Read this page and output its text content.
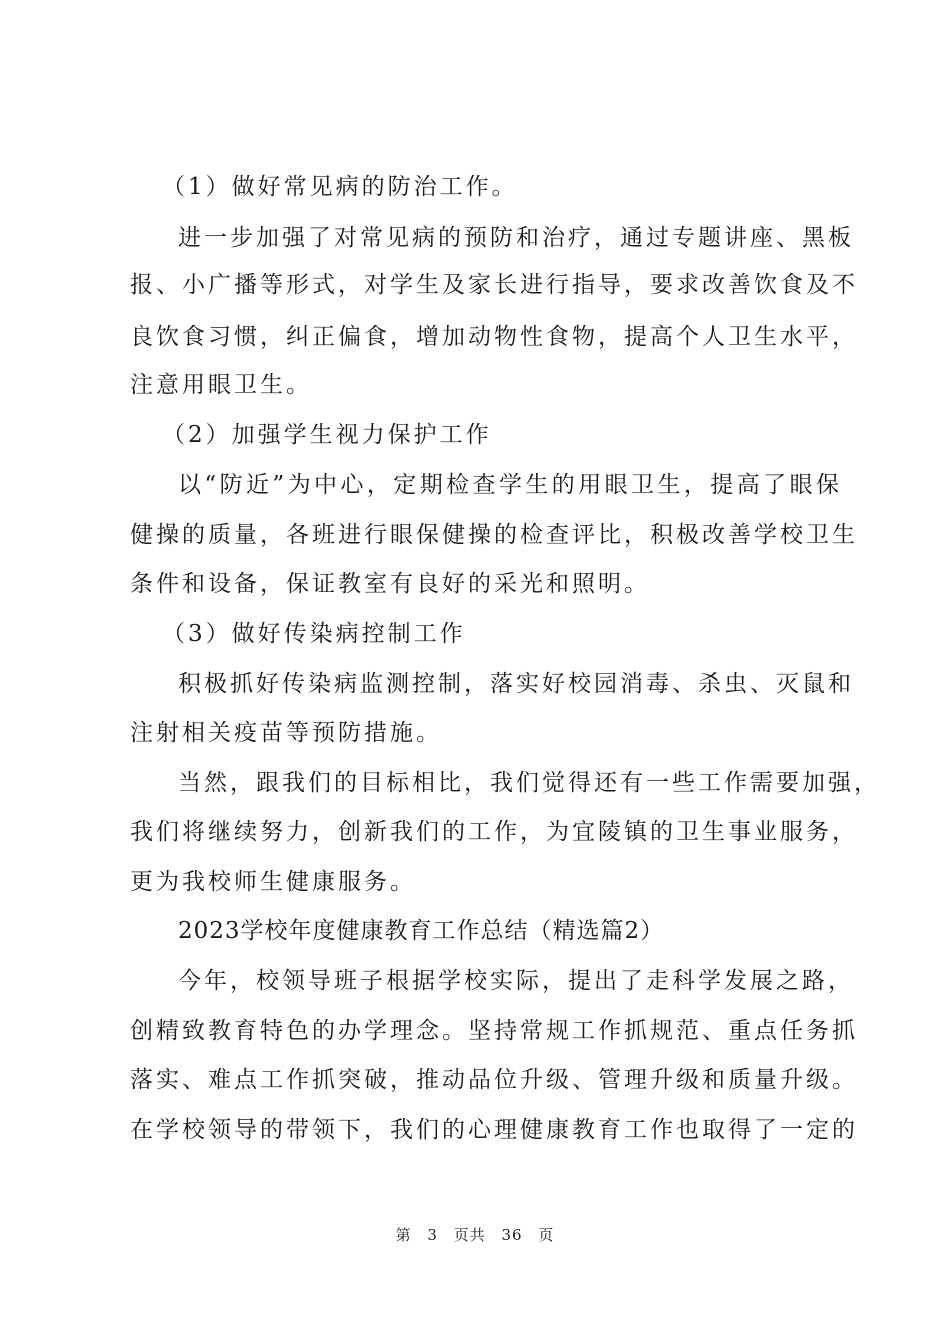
（1）做好常见病的防治工作。
进一步加强了对常见病的预防和治疗，通过专题讲座、黑板
报、小广播等形式，对学生及家长进行指导，要求改善饮食及不
良饮食习惯，纠正偏食，增加动物性食物，提高个人卫生水平，
注意用眼卫生。
（2）加强学生视力保护工作
以“防近”为中心，定期检查学生的用眼卫生，提高了眼保
健操的质量，各班进行眼保健操的检查评比，积极改善学校卫生
条件和设备，保证教室有良好的采光和照明。
（3）做好传染病控制工作
积极抓好传染病监测控制，落实好校园消毒、杀虫、灭鼠和
注射相关疫苗等预防措施。
当然，跟我们的目标相比，我们觉得还有一些工作需要加强，
我们将继续努力，创新我们的工作，为宜陵镇的卫生事业服务，
更为我校师生健康服务。
2023学校年度健康教育工作总结（精选篇2）
今年，校领导班子根据学校实际，提出了走科学发展之路，
创精致教育特色的办学理念。坚持常规工作抓规范、重点任务抓
落实、难点工作抓突破，推动品位升级、管理升级和质量升级。
在学校领导的带领下，我们的心理健康教育工作也取得了一定的
第 3 页共 36 页
